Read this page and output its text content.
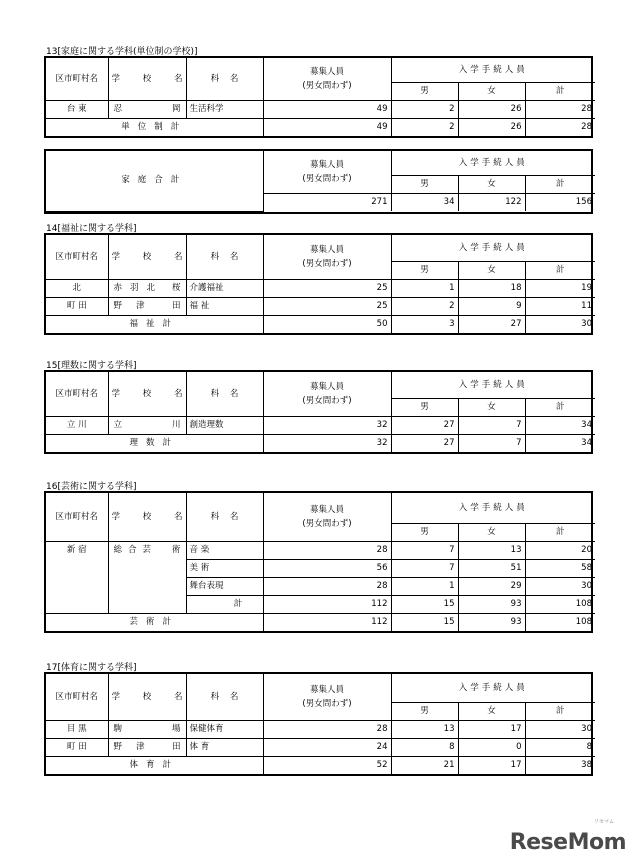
13[家庭に関する学科(単位制の学校)]
区市町村名	学 校 名	科 名	募集人員
(男女問わず)	入学手続人員		
				男	女	計
台 東	忍 岡	生活科学	49	2	26	28
単位制計			49	2	26	28
家庭合計	募集人員
(男女問わず)	入学手続人員		
		男	女	計
	271	34	122	156
14[福祉に関する学科]
区市町村名	学 校 名	科 名	募集人員
(男女問わず)	入学手続人員		
				男	女	計
北	赤羽北 桜	介護福祉	25	1	18	19
町 田	野津 田	福 祉	25	2	9	11
福祉計			50	3	27	30
15[理数に関する学科]
区市町村名	学 校 名	科 名	募集人員
(男女問わず)	入学手続人員		
				男	女	計
立 川	立 川	創造理数	32	27	7	34
理数計			32	27	7	34
16[芸術に関する学科]
区市町村名	学 校 名	科 名	募集人員
(男女問わず)	入学手続人員		
				男	女	計
新 宿	総合芸 術	音 楽	28	7	13	20
		美 術	56	7	51	58
		舞台表現	28	1	29	30
		計	112	15	93	108
芸術計			112	15	93	108
17[体育に関する学科]
区市町村名	学 校 名	科 名	募集人員
(男女問わず)	入学手続人員		
				男	女	計
目 黒	駒 場	保健体育	28	13	17	30
町 田	野津 田	体 育	24	8	0	8
体育計			52	21	17	38
リセマム
ReseMom
